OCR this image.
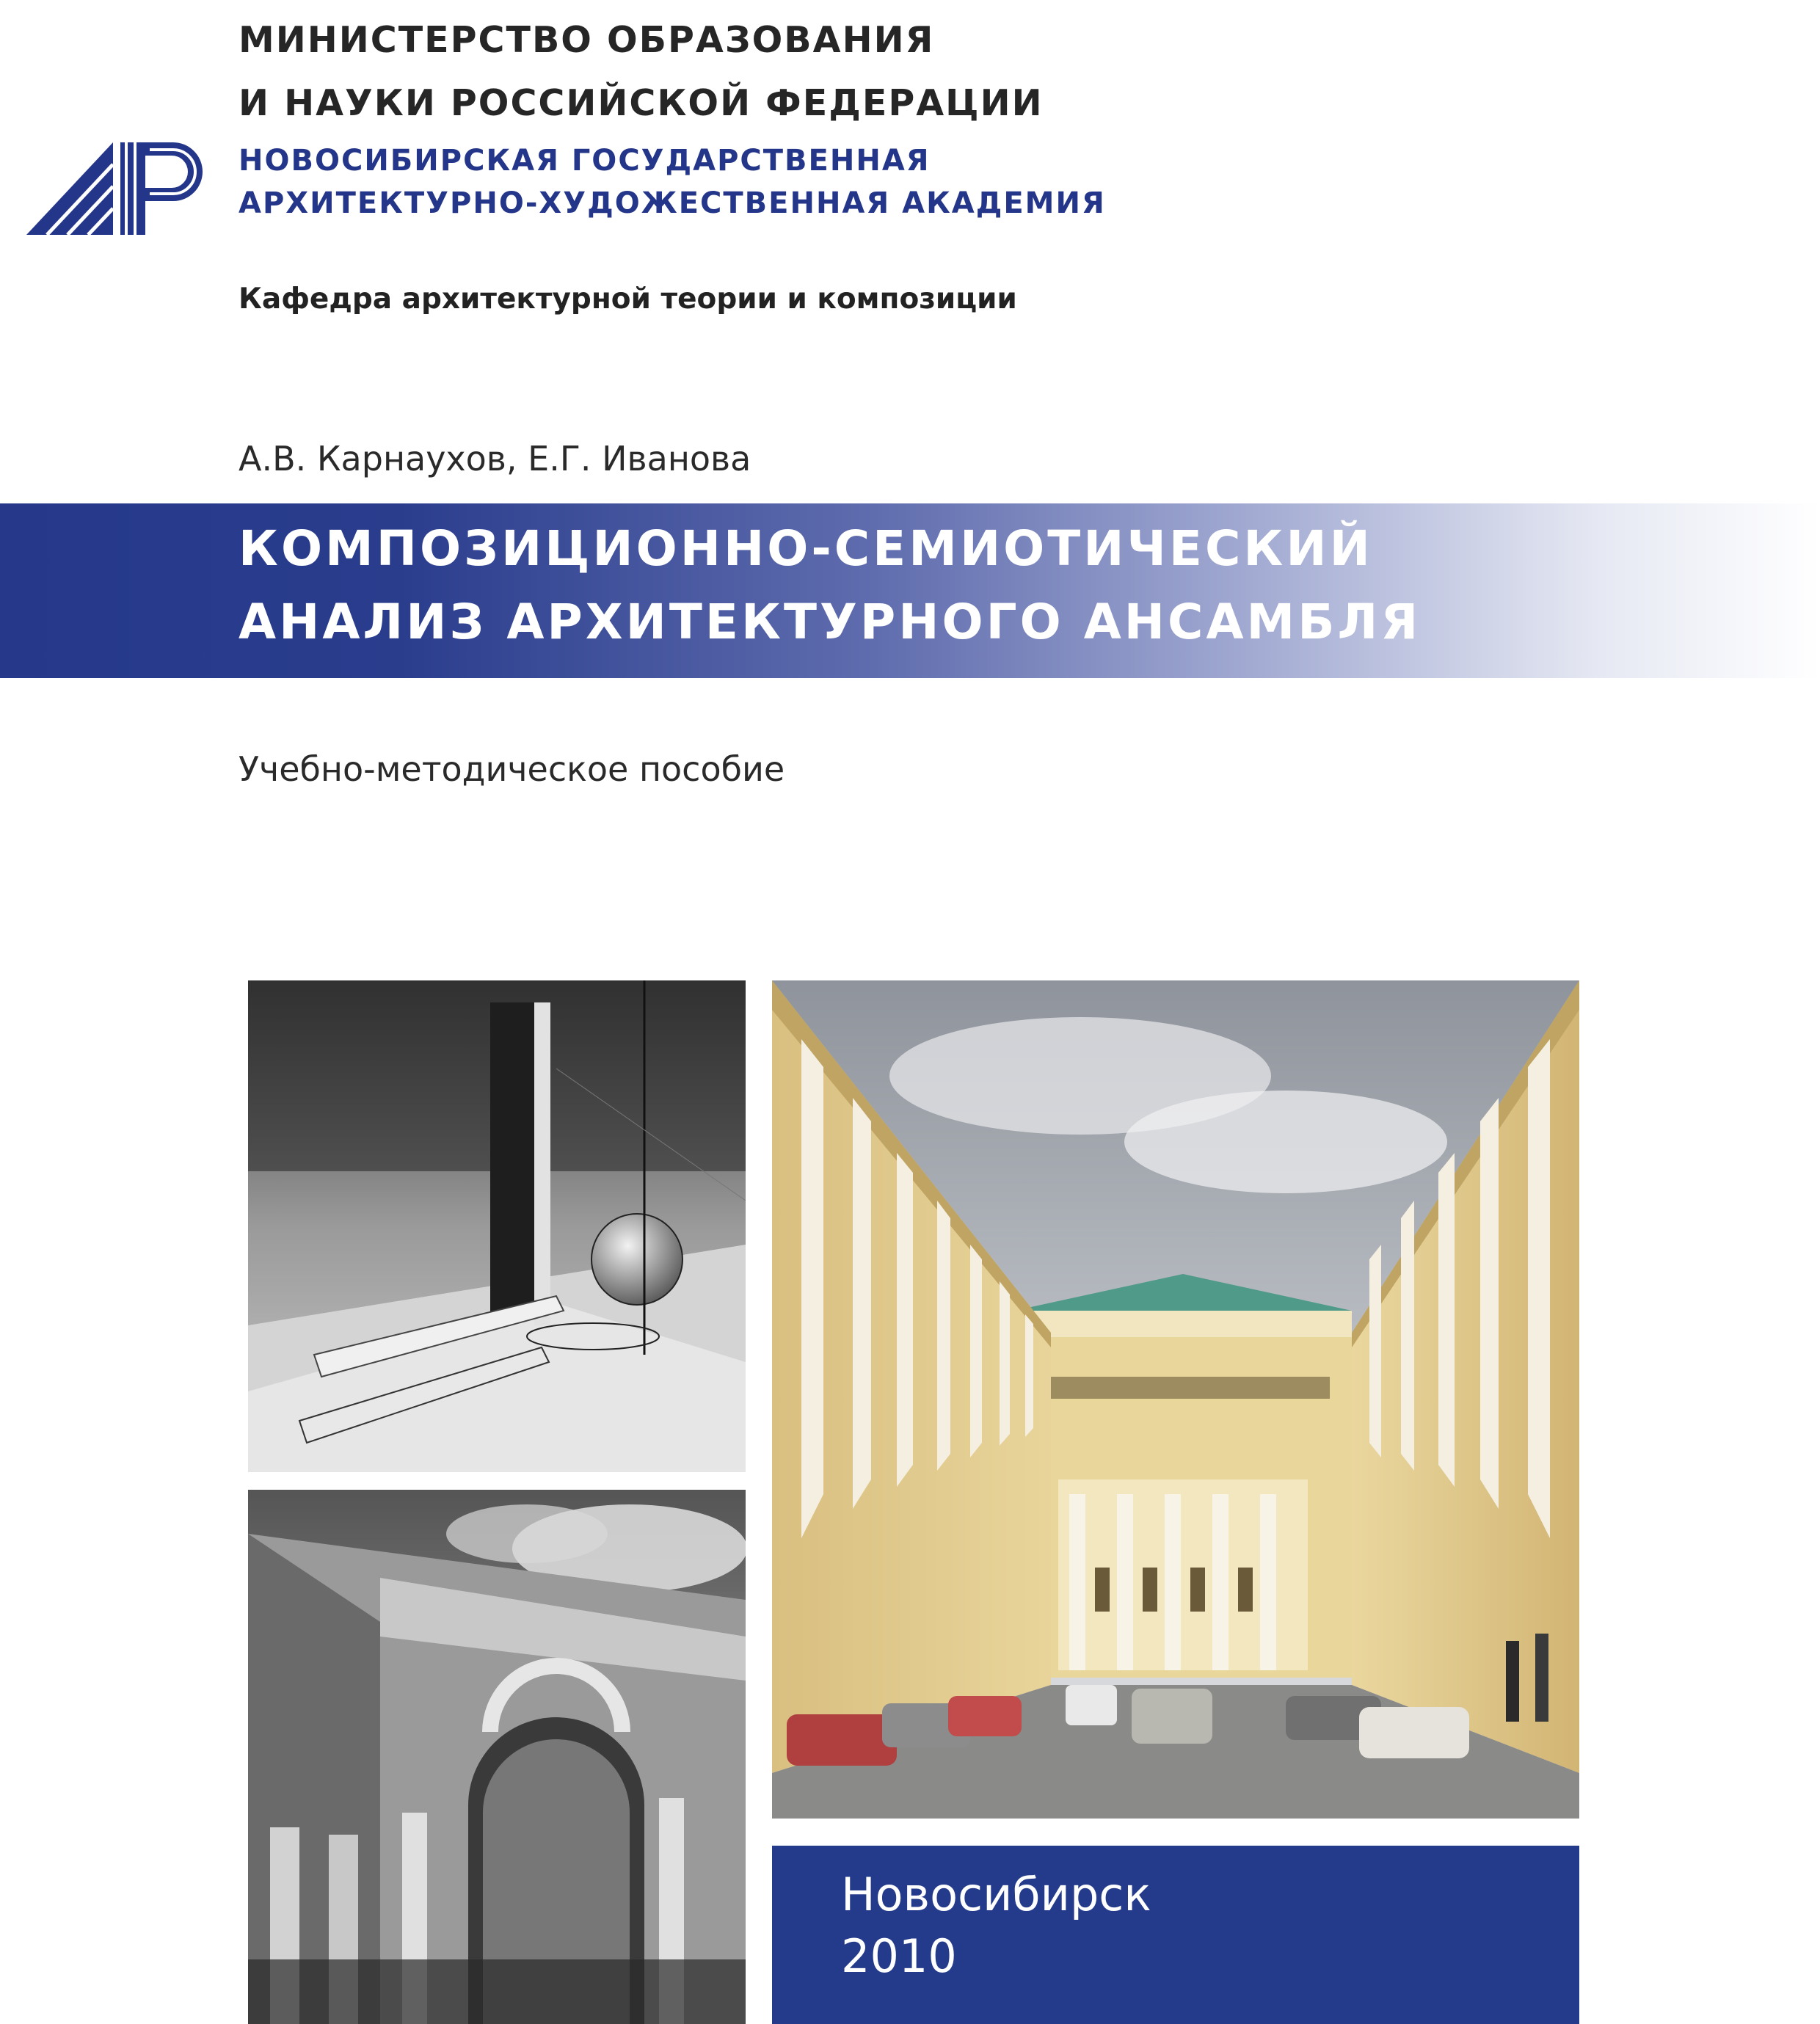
МИНИСТЕРСТВО ОБРАЗОВАНИЯ
И НАУКИ РОССИЙСКОЙ ФЕДЕРАЦИИ
НОВОСИБИРСКАЯ ГОСУДАРСТВЕННАЯ
АРХИТЕКТУРНО-ХУДОЖЕСТВЕННАЯ АКАДЕМИЯ
Кафедра архитектурной теории и композиции
А.В. Карнаухов, Е.Г. Иванова
КОМПОЗИЦИОННО-СЕМИОТИЧЕСКИЙ
АНАЛИЗ АРХИТЕКТУРНОГО АНСАМБЛЯ
Учебно-методическое пособие
Новосибирск
2010
